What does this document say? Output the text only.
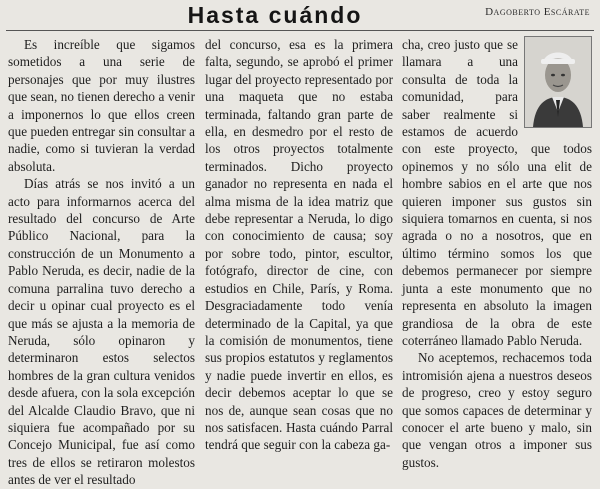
Hasta cuándo	Dagoberto Escárate

Es increíble que sigamos sometidos a una serie de personajes que por muy ilustres que sean, no tienen derecho a venir a imponernos lo que ellos creen que pueden entregar sin consultar a nadie, como si tuvieran la verdad absoluta.

Días atrás se nos invitó a un acto para informarnos acerca del resultado del concurso de Arte Público Nacional, para la construcción de un Monumento a Pablo Neruda, es decir, nadie de la comuna parralina tuvo derecho a decir u opinar cual proyecto es el que más se ajusta a la memoria de Neruda, sólo opinaron y determinaron estos selectos hombres de la gran cultura venidos desde afuera, con la sola excepción del Alcalde Claudio Bravo, que ni siquiera fue acompañado por su Concejo Municipal, fue así como tres de ellos se retiraron molestos antes de ver el resultado

del concurso, esa es la primera falta, segundo, se aprobó el primer lugar del proyecto representado por una maqueta que no estaba terminada, faltando gran parte de ella, en desmedro por el resto de los otros proyectos totalmente terminados. Dicho proyecto ganador no representa en nada el alma misma de la idea matriz que debe representar a Neruda, lo digo con conocimiento de causa; soy por sobre todo, pintor, escultor, fotógrafo, director de cine, con estudios en Chile, París, y Roma. Desgraciadamente todo venía determinado de la Capital, ya que la comisión de monumentos, tiene sus propios estatutos y reglamentos y nadie puede invertir en ellos, es decir debemos aceptar lo que se nos de, aunque sean cosas que no nos satisfacen. Hasta cuándo Parral tendrá que seguir con la cabeza ga-

cha, creo justo que se llamara a una consulta de toda la comunidad, para saber realmente si estamos de acuerdo con este proyecto, que todos opinemos y no sólo una elit de hombre sabios en el arte que nos quieren imponer sus gustos sin siquiera tomarnos en cuenta, si nos agrada o no a nosotros, que en último término somos los que debemos permanecer por siempre junta a este monumento que no representa en absoluto la imagen grandiosa de la obra de este coterráneo llamado Pablo Neruda.

No aceptemos, rechacemos toda intromisión ajena a nuestros deseos de progreso, creo y estoy seguro que somos capaces de determinar y conocer el arte bueno y malo, sin que vengan otros a imponer sus gustos.
